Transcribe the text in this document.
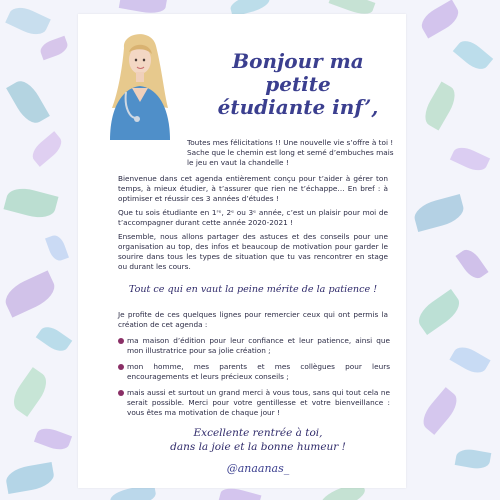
Bonjour ma petite
étudiante inf’,
Toutes mes félicitations !! Une nouvelle vie s’offre à toi ! Sache que le chemin est long et semé d’embuches mais le jeu en vaut la chandelle !

Bienvenue dans cet agenda entièrement conçu pour t’aider à gérer ton temps, à mieux étudier, à t’assurer que rien ne t’échappe… En bref : à optimiser et réussir ces 3 années d’études !

Que tu sois étudiante en 1ʳᵉ, 2ᵉ ou 3ᵉ année, c’est un plaisir pour moi de t’accompagner durant cette année 2020-2021 !

Ensemble, nous allons partager des astuces et des conseils pour une organisation au top, des infos et beaucoup de motivation pour garder le sourire dans tous les types de situation que tu vas rencontrer en stage ou durant les cours.

Tout ce qui en vaut la peine mérite de la patience !

Je profite de ces quelques lignes pour remercier ceux qui ont permis la création de cet agenda :

ma maison d’édition pour leur confiance et leur patience, ainsi que mon illustratrice pour sa jolie création ;
mon homme, mes parents et mes collègues pour leurs encouragements et leurs précieux conseils ;
mais aussi et surtout un grand merci à vous tous, sans qui tout cela ne serait possible. Merci pour votre gentillesse et votre bienveillance : vous êtes ma motivation de chaque jour !
Excellente rentrée à toi,
dans la joie et la bonne humeur !
@anaanas_
